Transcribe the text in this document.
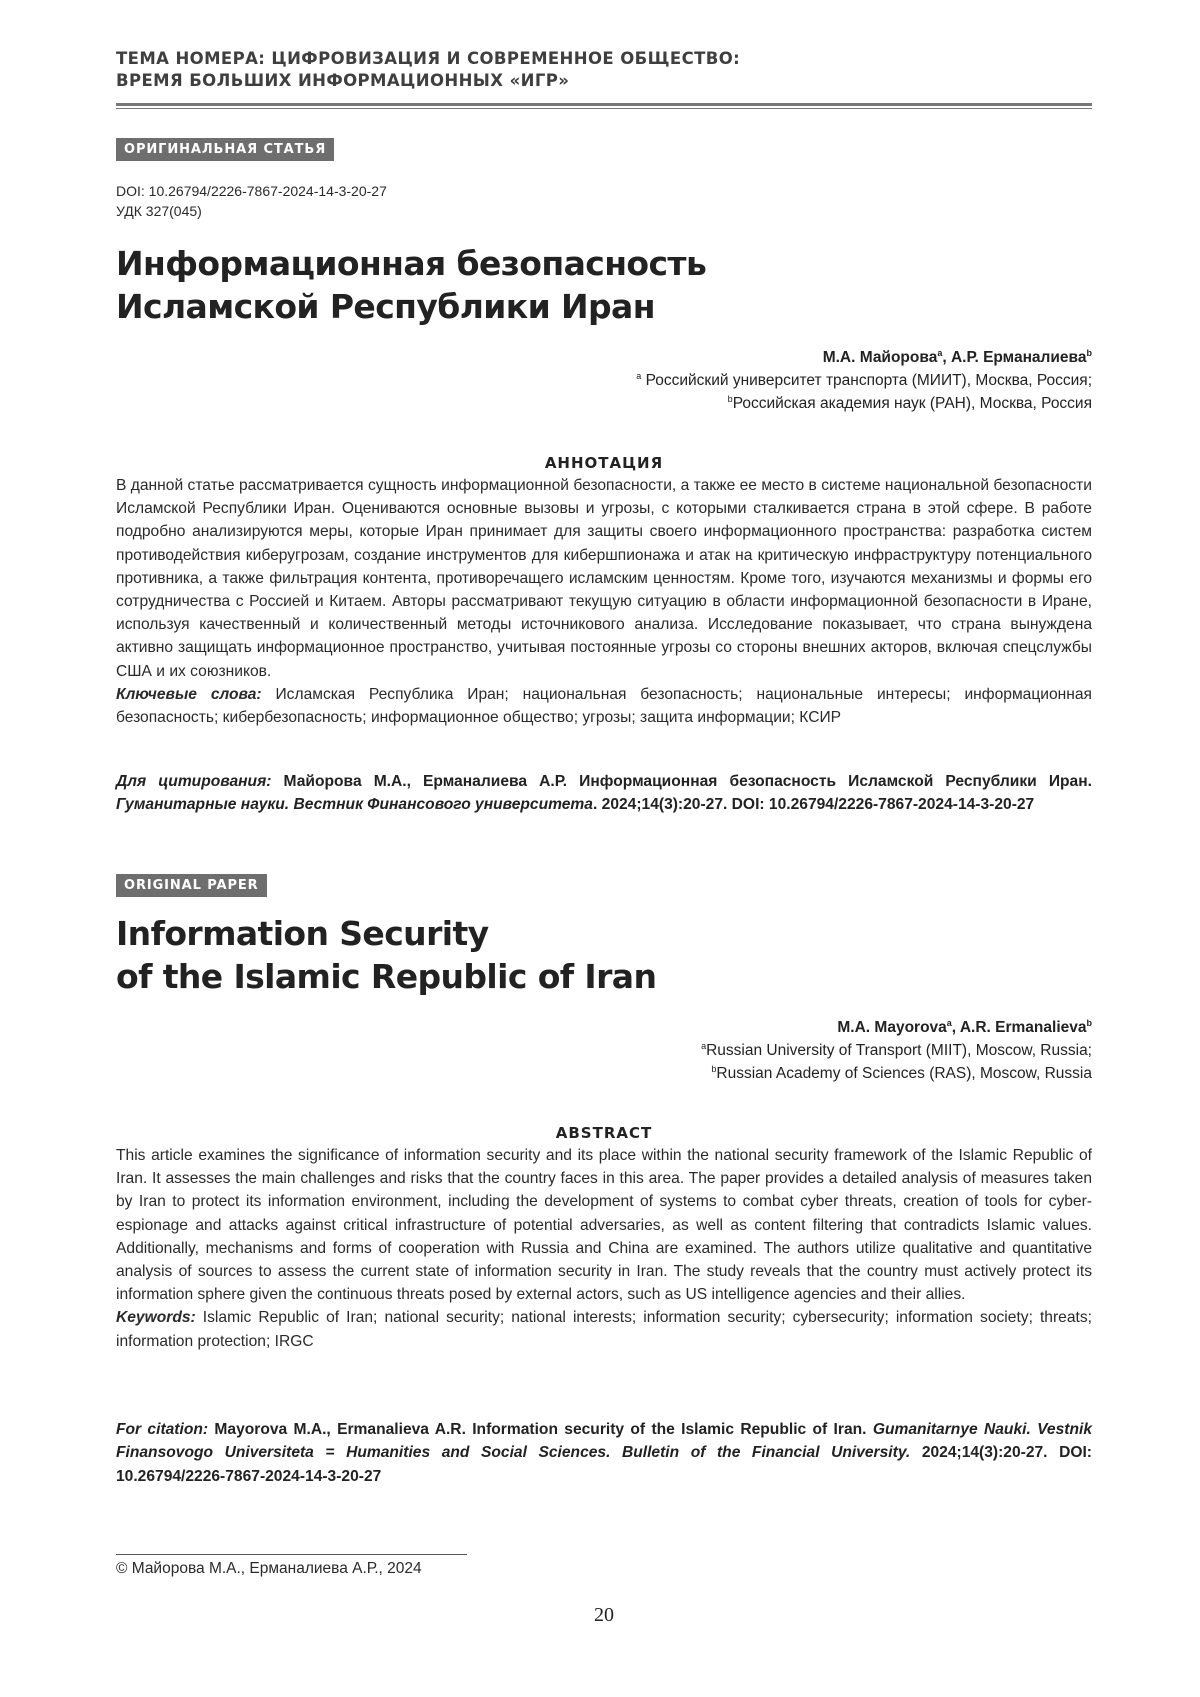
ТЕМА НОМЕРА: ЦИФРОВИЗАЦИЯ И СОВРЕМЕННОЕ ОБЩЕСТВО:
ВРЕМЯ БОЛЬШИХ ИНФОРМАЦИОННЫХ «ИГР»
ОРИГИНАЛЬНАЯ СТАТЬЯ
DOI: 10.26794/2226-7867-2024-14-3-20-27
УДК 327(045)
Информационная безопасность
Исламской Республики Иран
М.А. Майорова$^a$, А.Р. Ерманалиева$^b$
$^a$ Российский университет транспорта (МИИТ), Москва, Россия;
$^b$Российская академия наук (РАН), Москва, Россия
АННОТАЦИЯ

В данной статье рассматривается сущность информационной безопасности, а также ее место в системе национальной безопасности Исламской Республики Иран. Оцениваются основные вызовы и угрозы, с которыми сталкивается страна в этой сфере. В работе подробно анализируются меры, которые Иран принимает для защиты своего информационного пространства: разработка систем противодействия киберугрозам, создание инструментов для кибершпионажа и атак на критическую инфраструктуру потенциального противника, а также фильтрация контента, противоречащего исламским ценностям. Кроме того, изучаются механизмы и формы его сотрудничества с Россией и Китаем. Авторы рассматривают текущую ситуацию в области информационной безопасности в Иране, используя качественный и количественный методы источникового анализа. Исследование показывает, что страна вынуждена активно защищать информационное пространство, учитывая постоянные угрозы со стороны внешних акторов, включая спецслужбы США и их союзников.

Ключевые слова: Исламская Республика Иран; национальная безопасность; национальные интересы; информационная безопасность; кибербезопасность; информационное общество; угрозы; защита информации; КСИР

Для цитирования: Майорова М.А., Ерманалиева А.Р. Информационная безопасность Исламской Республики Иран. Гуманитарные науки. Вестник Финансового университета. 2024;14(3):20-27. DOI: 10.26794/2226-7867-2024-14-3-20-27
ORIGINAL PAPER
Information Security
of the Islamic Republic of Iran
M.A. Mayorova$^a$, A.R. Ermanalieva$^b$
$^a$Russian University of Transport (MIIT), Moscow, Russia;
$^b$Russian Academy of Sciences (RAS), Moscow, Russia
ABSTRACT

This article examines the significance of information security and its place within the national security framework of the Islamic Republic of Iran. It assesses the main challenges and risks that the country faces in this area. The paper provides a detailed analysis of measures taken by Iran to protect its information environment, including the development of systems to combat cyber threats, creation of tools for cyber-espionage and attacks against critical infrastructure of potential adversaries, as well as content filtering that contradicts Islamic values. Additionally, mechanisms and forms of cooperation with Russia and China are examined. The authors utilize qualitative and quantitative analysis of sources to assess the current state of information security in Iran. The study reveals that the country must actively protect its information sphere given the continuous threats posed by external actors, such as US intelligence agencies and their allies.

Keywords: Islamic Republic of Iran; national security; national interests; information security; cybersecurity; information society; threats; information protection; IRGC

For citation: Mayorova M.A., Ermanalieva A.R. Information security of the Islamic Republic of Iran. Gumanitarnye Nauki. Vestnik Finansovogo Universiteta = Humanities and Social Sciences. Bulletin of the Financial University. 2024;14(3):20-27. DOI: 10.26794/2226-7867-2024-14-3-20-27
© Майорова М.А., Ерманалиева А.Р., 2024
20
